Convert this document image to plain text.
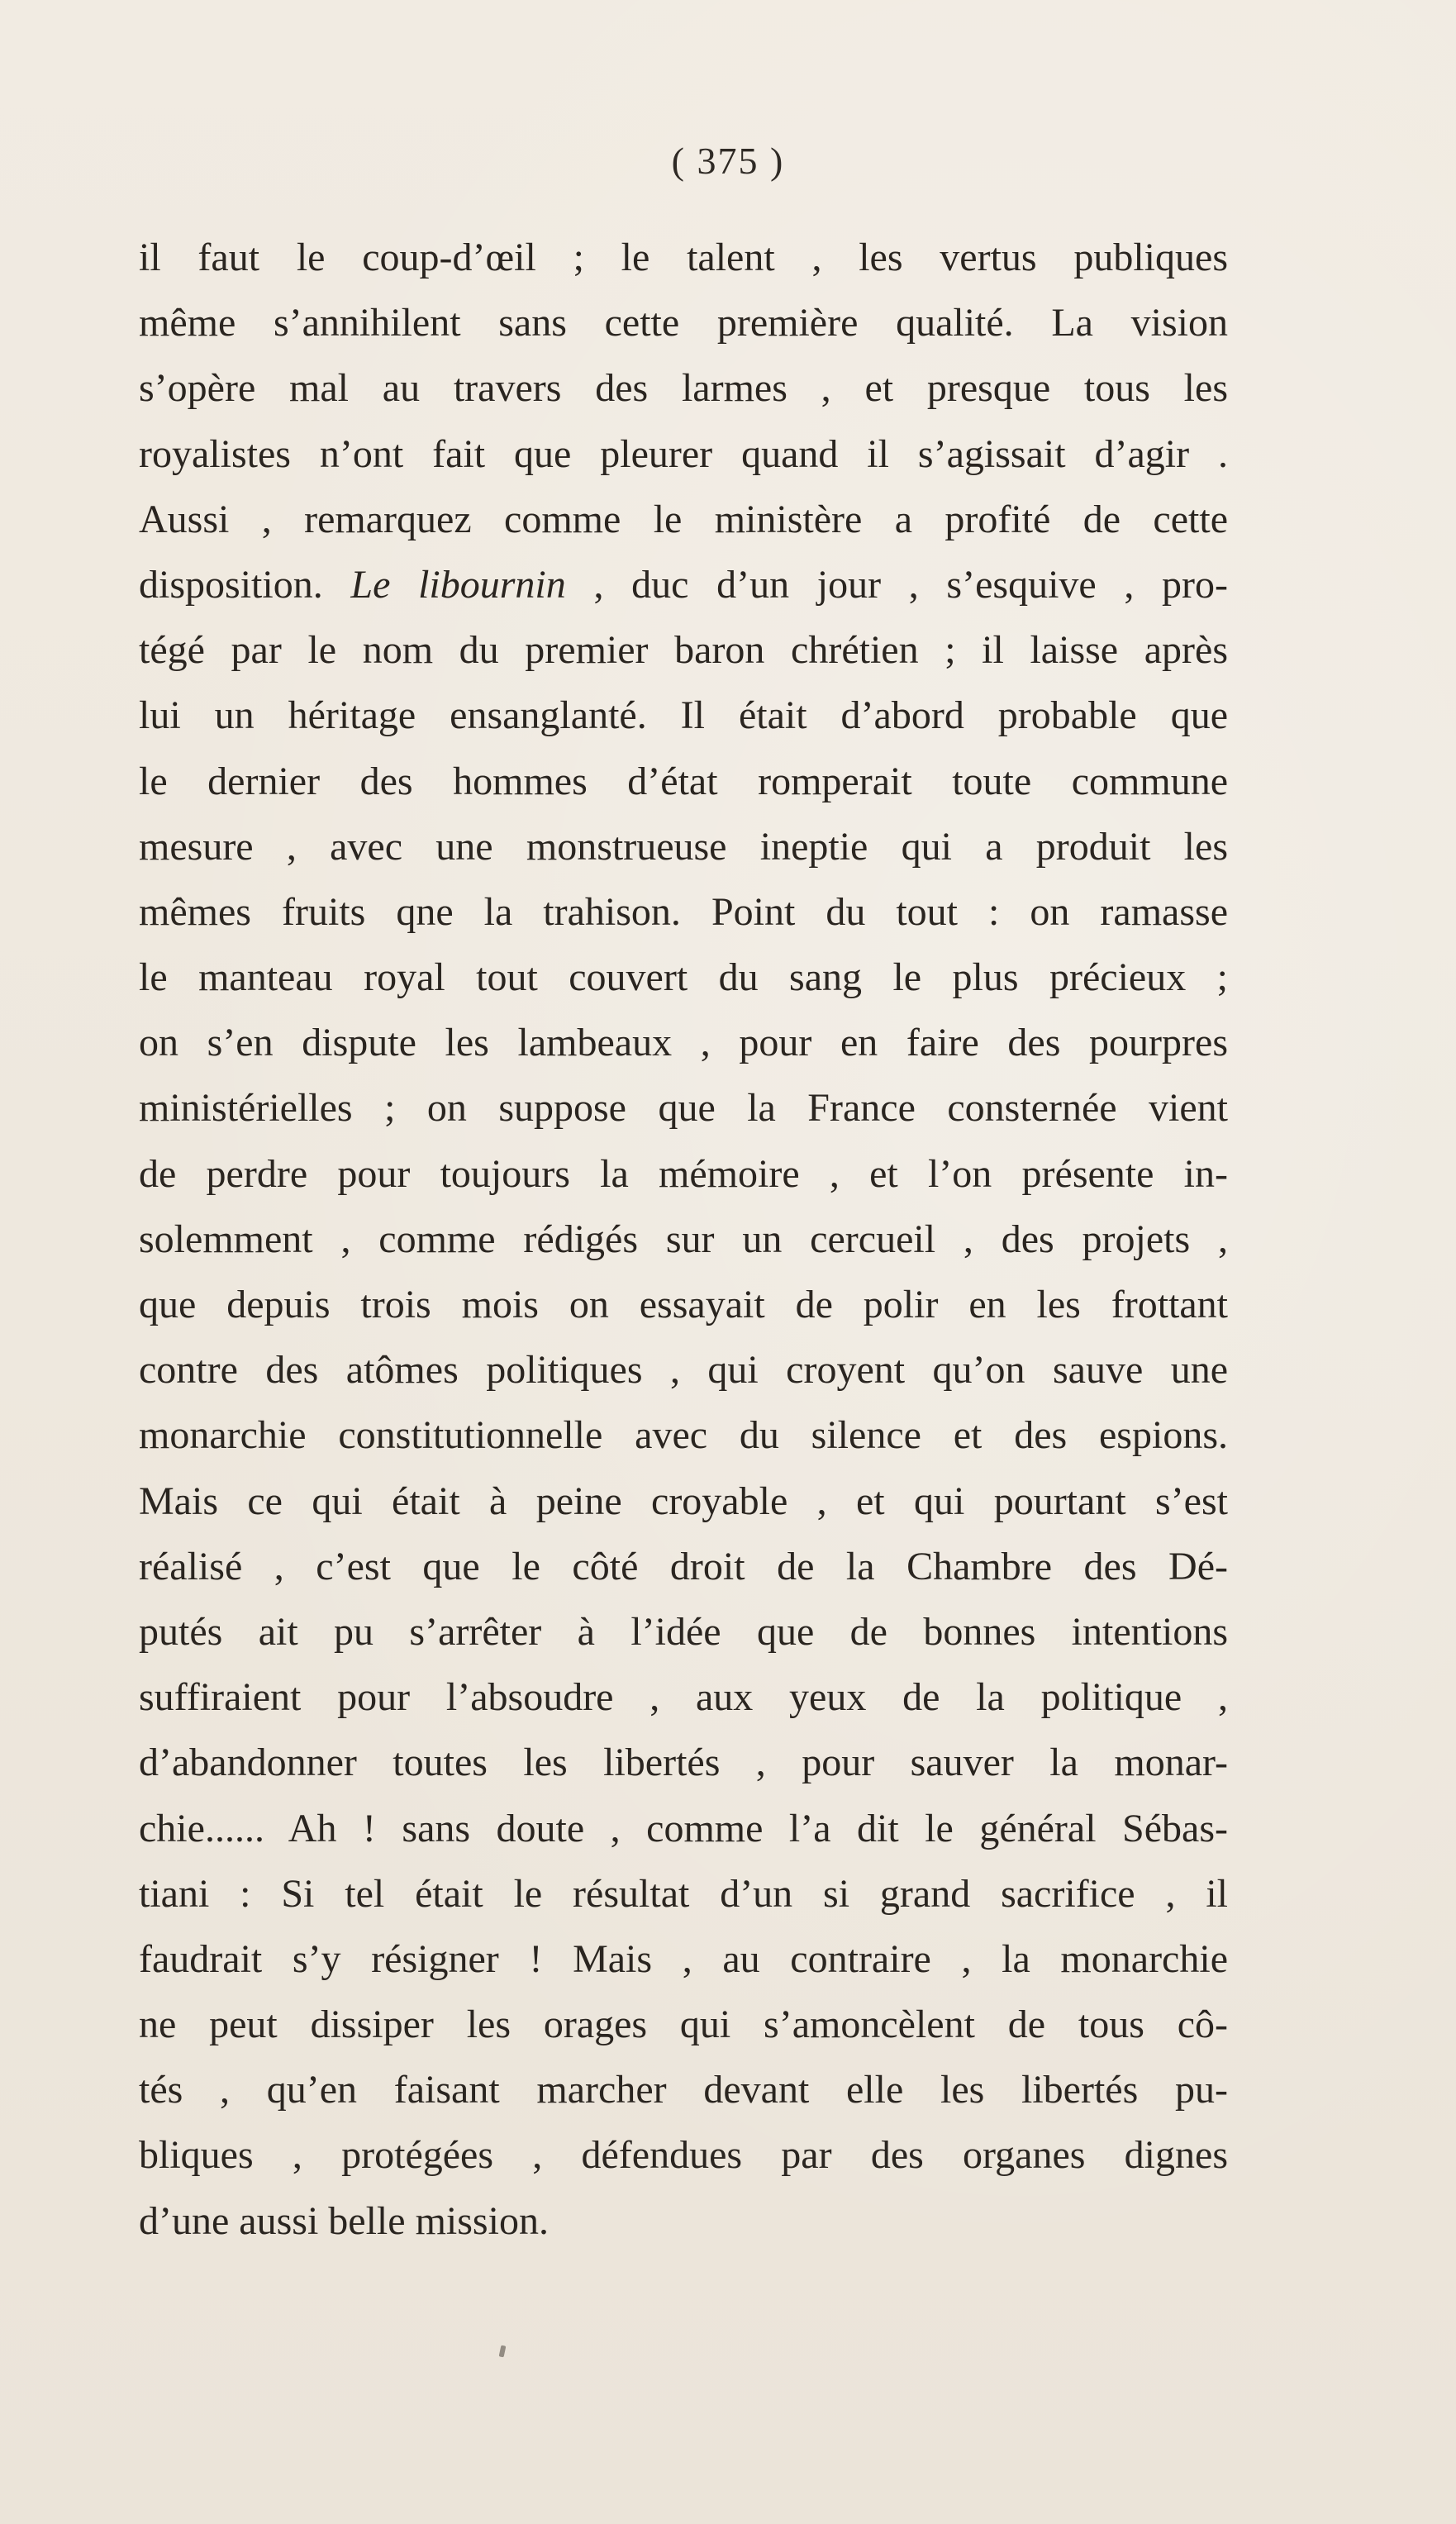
( 375 )
il faut le coup-d’œil ; le talent , les vertus publiques
même s’annihilent sans cette première qualité. La vision
s’opère mal au travers des larmes , et presque tous les
royalistes n’ont fait que pleurer quand il s’agissait d’agir .
Aussi , remarquez comme le ministère a profité de cette
disposition. Le libournin , duc d’un jour , s’esquive , pro-
tégé par le nom du premier baron chrétien ; il laisse après
lui un héritage ensanglanté. Il était d’abord probable que
le dernier des hommes d’état romperait toute commune
mesure , avec une monstrueuse ineptie qui a produit les
mêmes fruits qne la trahison. Point du tout : on ramasse
le manteau royal tout couvert du sang le plus précieux ;
on s’en dispute les lambeaux , pour en faire des pourpres
ministérielles ; on suppose que la France consternée vient
de perdre pour toujours la mémoire , et l’on présente in-
solemment , comme rédigés sur un cercueil , des projets ,
que depuis trois mois on essayait de polir en les frottant
contre des atômes politiques , qui croyent qu’on sauve une
monarchie constitutionnelle avec du silence et des espions.
Mais ce qui était à peine croyable , et qui pourtant s’est
réalisé , c’est que le côté droit de la Chambre des Dé-
putés ait pu s’arrêter à l’idée que de bonnes intentions
suffiraient pour l’absoudre , aux yeux de la politique ,
d’abandonner toutes les libertés , pour sauver la monar-
chie...... Ah ! sans doute , comme l’a dit le général Sébas-
tiani : Si tel était le résultat d’un si grand sacrifice , il
faudrait s’y résigner ! Mais , au contraire , la monarchie
ne peut dissiper les orages qui s’amoncèlent de tous cô-
tés , qu’en faisant marcher devant elle les libertés pu-
bliques , protégées , défendues par des organes dignes
d’une aussi belle mission.
